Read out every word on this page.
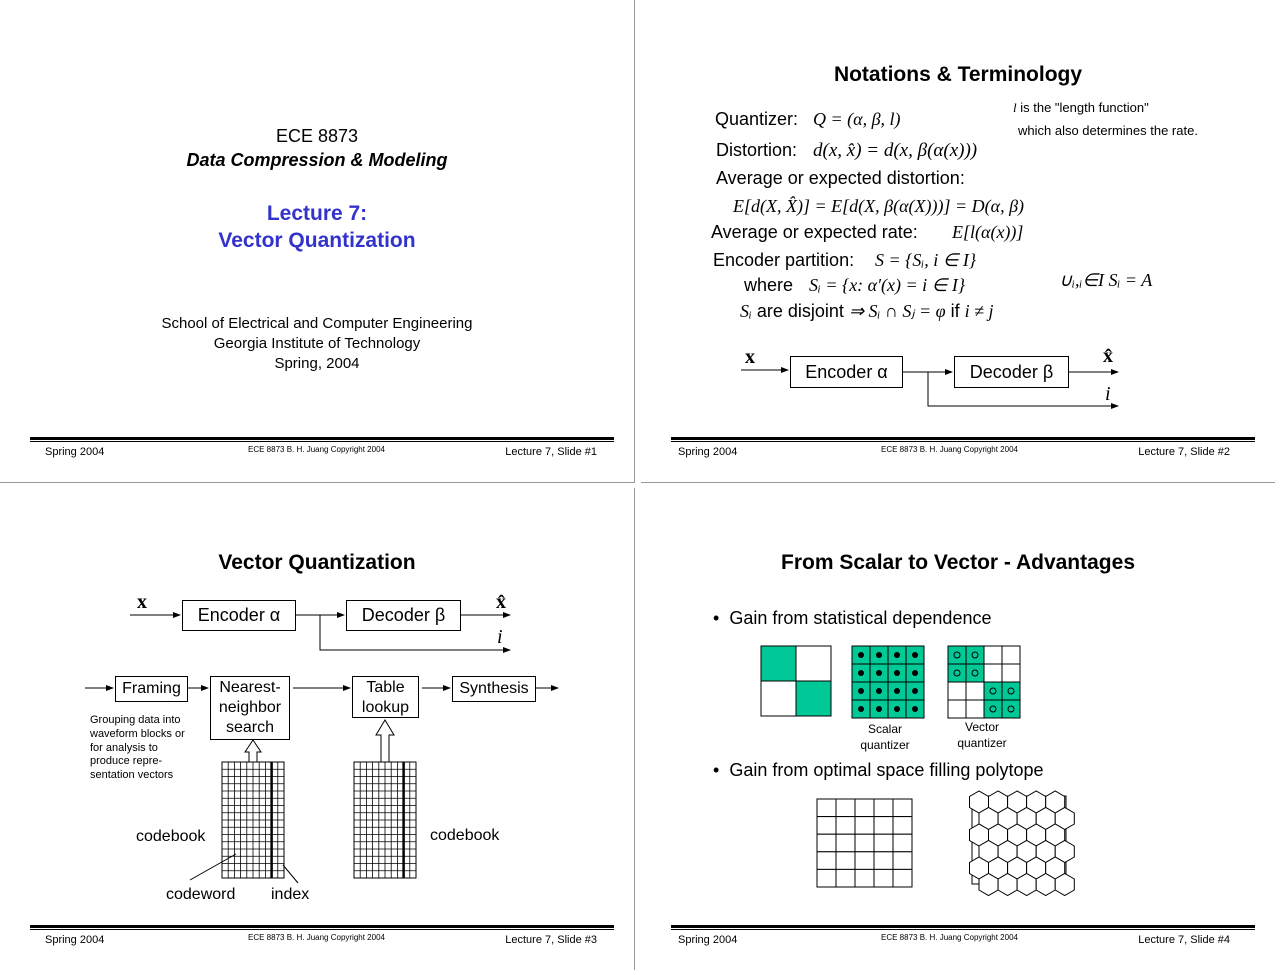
ECE 8873
Data Compression & Modeling
Lecture 7:
Vector Quantization
School of Electrical and Computer Engineering
Georgia Institute of Technology
Spring, 2004
Spring 2004	ECE 8873 B. H. Juang Copyright 2004	Lecture 7, Slide #1
Notations & Terminology
l is the "length function"
which also determines the rate.
Quantizer: Q = (α, β, l)
Distortion: d(x, x̂) = d(x, β(α(x)))
Average or expected distortion:
E[d(X, X̂)] = E[d(X, β(α(X)))] = D(α, β)
Average or expected rate: E[l(α(x))]
Encoder partition: S = {Sᵢ, i ∈ I}
where Sᵢ = {x: α′(x) = i ∈ I}	∪ᵢ,ᵢ∈I Sᵢ = A
Sᵢ are disjoint ⇒ Sᵢ ∩ Sⱼ = φ if i ≠ j
x
Encoder α	Decoder β
x̂
i
Spring 2004	ECE 8873 B. H. Juang Copyright 2004	Lecture 7, Slide #2
Vector Quantization
x
Encoder α	Decoder β
x̂
i
Framing	Nearest-
neighbor
search
Table
lookup
Synthesis
Grouping data into
waveform blocks or
for analysis to
produce repre-
sentation vectors
codebook	codebook
codeword index
Spring 2004	ECE 8873 B. H. Juang Copyright 2004	Lecture 7, Slide #3
From Scalar to Vector - Advantages
• Gain from statistical dependence
• Gain from optimal space filling polytope
Scalar
quantizer
Vector
quantizer
Spring 2004	ECE 8873 B. H. Juang Copyright 2004	Lecture 7, Slide #4
